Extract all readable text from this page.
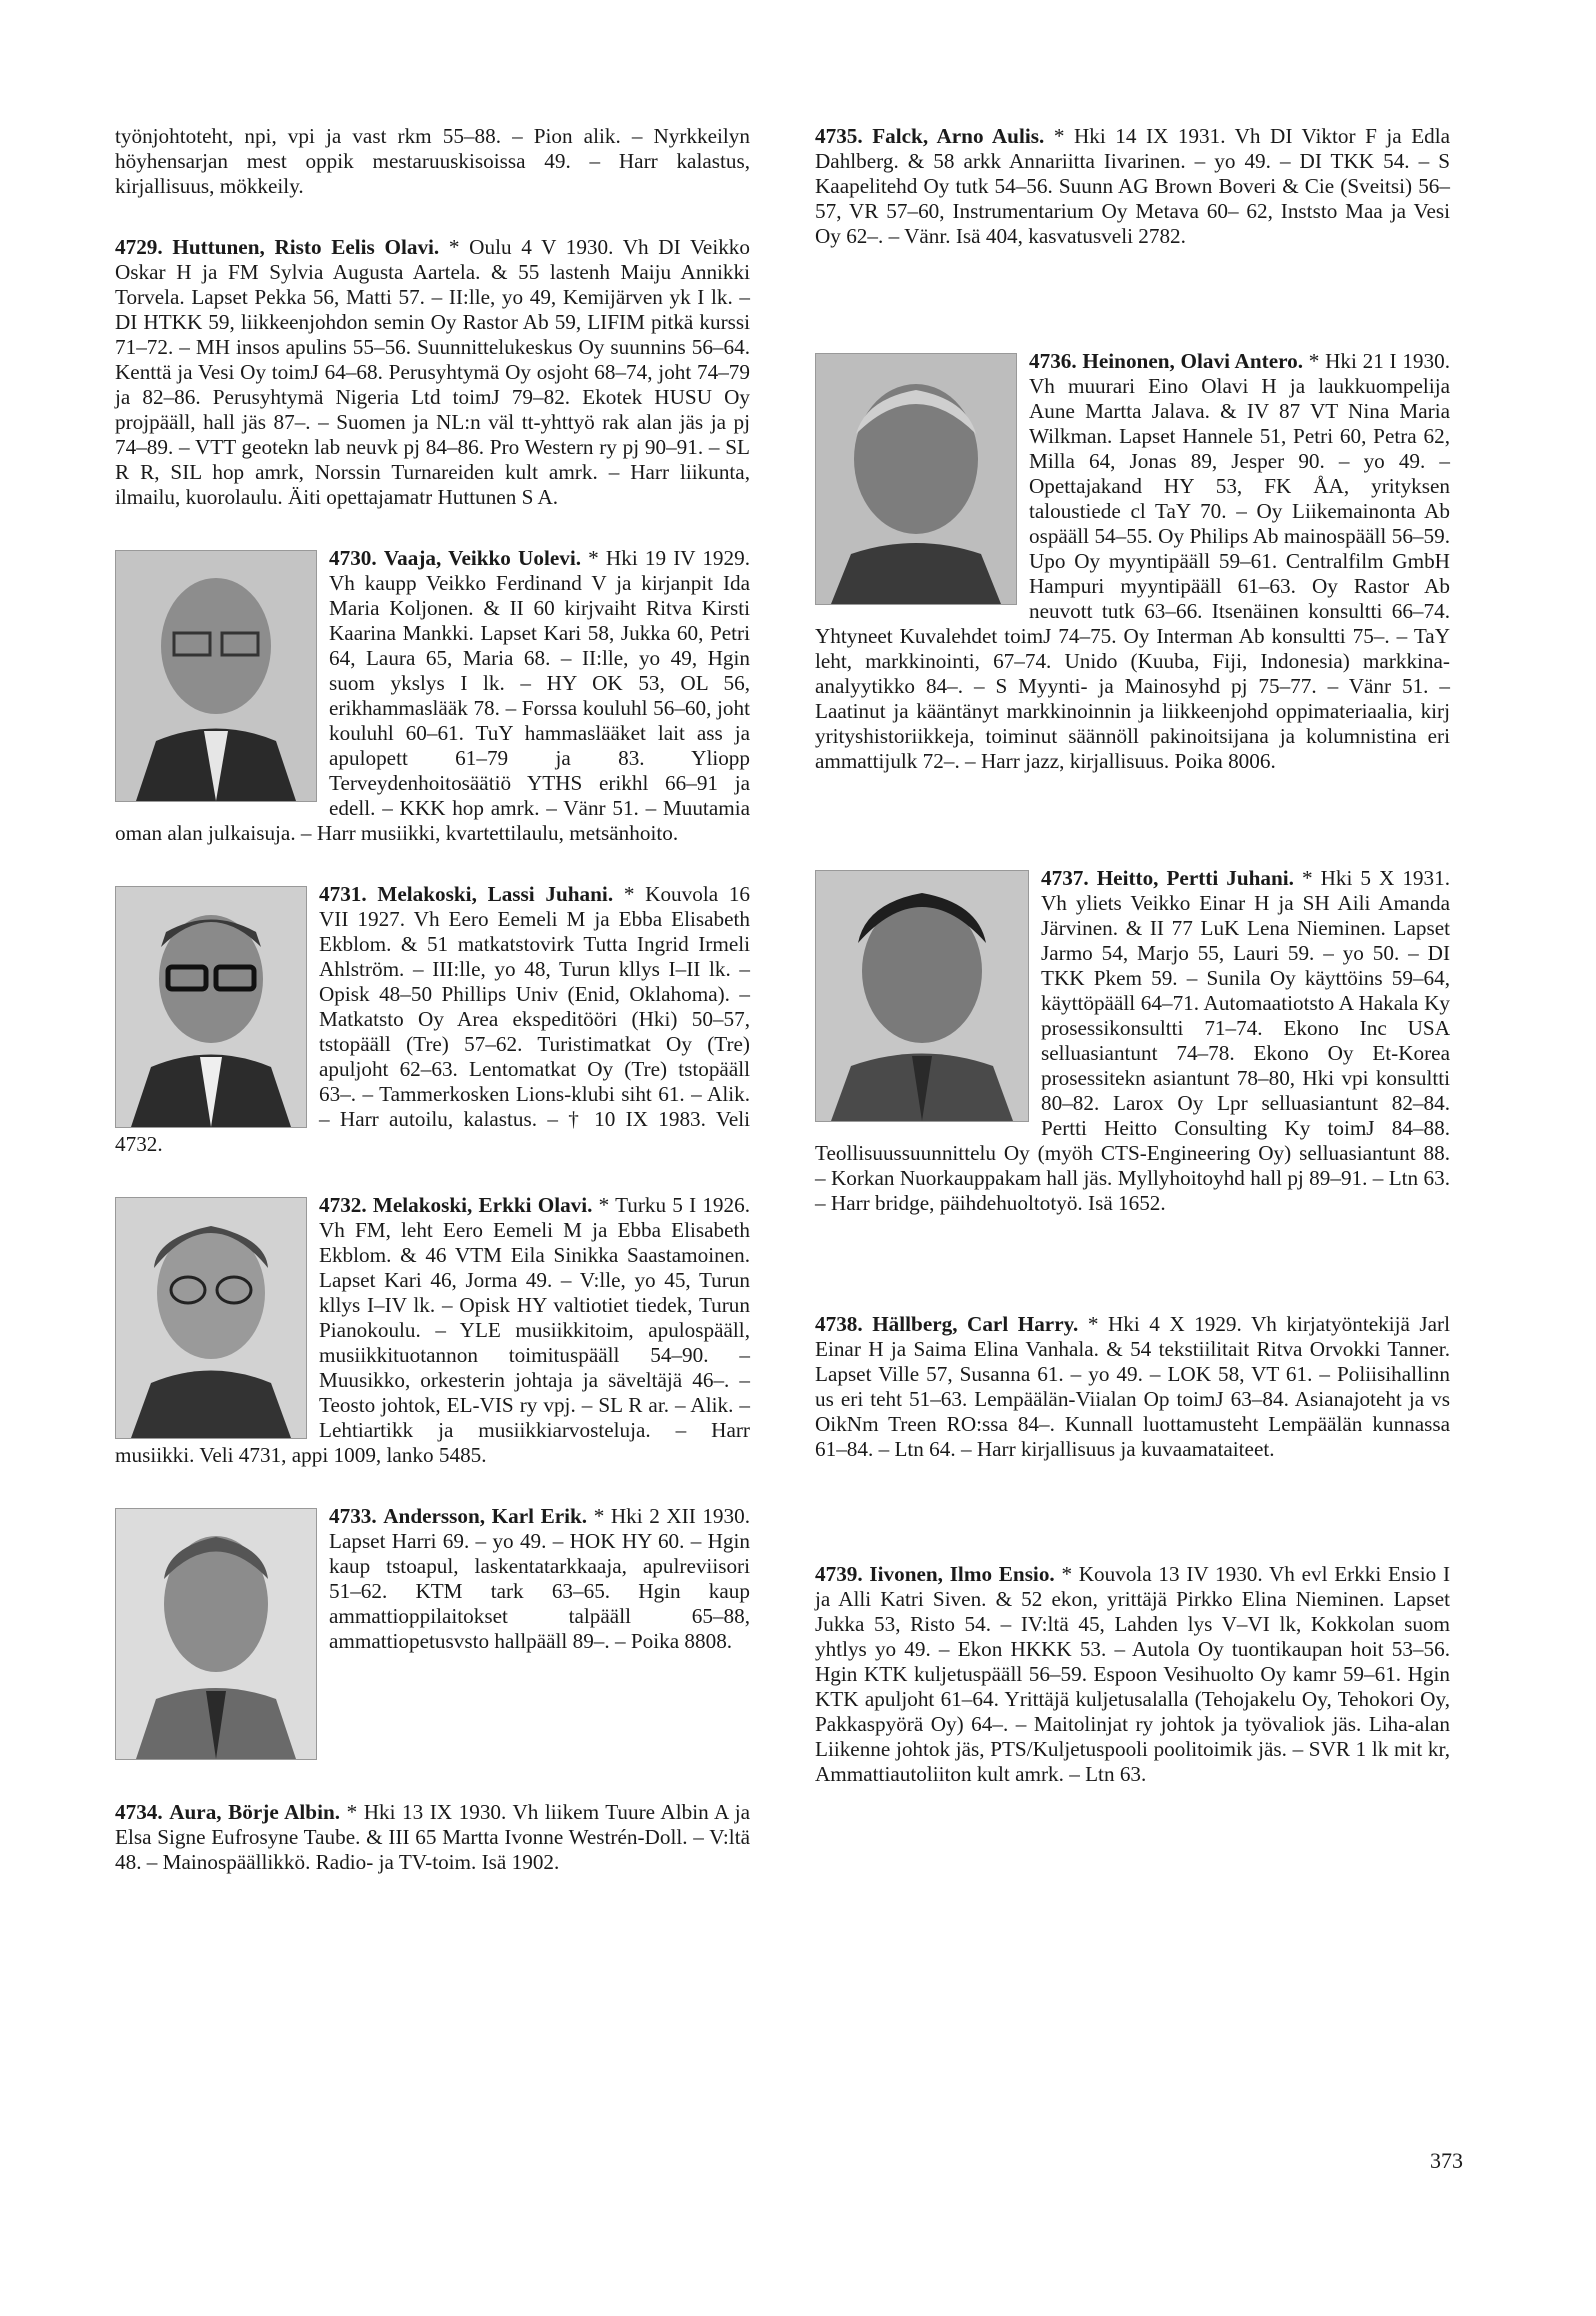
työnjohtoteht, npi, vpi ja vast rkm 55–88. – Pion alik. – Nyrkkeilyn höyhensarjan mest oppik mestaruuskisoissa 49. – Harr kalastus, kirjallisuus, mökkeily.

4729. Huttunen, Risto Eelis Olavi. * Oulu 4 V 1930. Vh DI Veikko Oskar H ja FM Sylvia Augusta Aartela. & 55 lastenh Maiju Annikki Torvela. Lapset Pekka 56, Matti 57. – II:lle, yo 49, Kemijärven yk I lk. – DI HTKK 59, liikkeenjohdon semin Oy Rastor Ab 59, LIFIM pitkä kurssi 71–72. – MH insos apulins 55–56. Suunnittelukeskus Oy suunnins 56–64. Kenttä ja Vesi Oy toimJ 64–68. Perusyhtymä Oy osjoht 68–74, joht 74–79 ja 82–86. Perusyhtymä Nigeria Ltd toimJ 79–82. Ekotek HUSU Oy projpääll, hall jäs 87–. – Suomen ja NL:n väl tt-yhttyö rak alan jäs ja pj 74–89. – VTT geotekn lab neuvk pj 84–86. Pro Western ry pj 90–91. – SL R R, SIL hop amrk, Norssin Turnareiden kult amrk. – Harr liikunta, ilmailu, kuorolaulu. Äiti opettajamatr Huttunen S A.

4730. Vaaja, Veikko Uolevi. * Hki 19 IV 1929. Vh kaupp Veikko Ferdinand V ja kirjanpit Ida Maria Koljonen. & II 60 kirjvaiht Ritva Kirsti Kaarina Mankki. Lapset Kari 58, Jukka 60, Petri 64, Laura 65, Maria 68. – II:lle, yo 49, Hgin suom ykslys I lk. – HY OK 53, OL 56, erikhammaslääk 78. – Forssa kouluhl 56–60, joht kouluhl 60–61. TuY hammaslääket lait ass ja apulopett 61–79 ja 83. Yliopp Terveydenhoitosäätiö YTHS erikhl 66–91 ja edell. – KKK hop amrk. – Vänr 51. – Muutamia oman alan julkaisuja. – Harr musiikki, kvartettilaulu, metsänhoito.

4731. Melakoski, Lassi Juhani. * Kouvola 16 VII 1927. Vh Eero Eemeli M ja Ebba Elisabeth Ekblom. & 51 matkatstovirk Tutta Ingrid Irmeli Ahlström. – III:lle, yo 48, Turun kllys I–II lk. – Opisk 48–50 Phillips Univ (Enid, Oklahoma). – Matkatsto Oy Area ekspeditööri (Hki) 50–57, tstopääll (Tre) 57–62. Turistimatkat Oy (Tre) apuljoht 62–63. Lentomatkat Oy (Tre) tstopääll 63–. – Tammerkosken Lions-klubi siht 61. – Alik. – Harr autoilu, kalastus. – † 10 IX 1983. Veli 4732.

4732. Melakoski, Erkki Olavi. * Turku 5 I 1926. Vh FM, leht Eero Eemeli M ja Ebba Elisabeth Ekblom. & 46 VTM Eila Sinikka Saastamoinen. Lapset Kari 46, Jorma 49. – V:lle, yo 45, Turun kllys I–IV lk. – Opisk HY valtiotiet tiedek, Turun Pianokoulu. – YLE musiikkitoim, apulospääll, musiikkituotannon toimituspääll 54–90. – Muusikko, orkesterin johtaja ja säveltäjä 46–. – Teosto johtok, EL-VIS ry vpj. – SL R ar. – Alik. – Lehtiartikk ja musiikkiarvosteluja. – Harr musiikki. Veli 4731, appi 1009, lanko 5485.

4733. Andersson, Karl Erik. * Hki 2 XII 1930. Lapset Harri 69. – yo 49. – HOK HY 60. – Hgin kaup tstoapul, laskentatarkkaaja, apulreviisori 51–62. KTM tark 63–65. Hgin kaup ammattioppilaitokset talpääll 65–88, ammattiopetusvsto hallpääll 89–. – Poika 8808.

4734. Aura, Börje Albin. * Hki 13 IX 1930. Vh liikem Tuure Albin A ja Elsa Signe Eufrosyne Taube. & III 65 Martta Ivonne Westrén-Doll. – V:ltä 48. – Mainospäällikkö. Radio- ja TV-toim. Isä 1902.

4735. Falck, Arno Aulis. * Hki 14 IX 1931. Vh DI Viktor F ja Edla Dahlberg. & 58 arkk Annariitta Iivarinen. – yo 49. – DI TKK 54. – S Kaapelitehd Oy tutk 54–56. Suunn AG Brown Boveri & Cie (Sveitsi) 56–57, VR 57–60, Instrumentarium Oy Metava 60– 62, Inststo Maa ja Vesi Oy 62–. – Vänr. Isä 404, kasvatusveli 2782.

4736. Heinonen, Olavi Antero. * Hki 21 I 1930. Vh muurari Eino Olavi H ja laukkuompelija Aune Martta Jalava. & IV 87 VT Nina Maria Wilkman. Lapset Hannele 51, Petri 60, Petra 62, Milla 64, Jonas 89, Jesper 90. – yo 49. – Opettajakand HY 53, FK ÅA, yrityksen taloustiede cl TaY 70. – Oy Liikemainonta Ab ospääll 54–55. Oy Philips Ab mainospääll 56–59. Upo Oy myyntipääll 59–61. Centralfilm GmbH Hampuri myyntipääll 61–63. Oy Rastor Ab neuvott tutk 63–66. Itsenäinen konsultti 66–74. Yhtyneet Kuvalehdet toimJ 74–75. Oy Interman Ab konsultti 75–. – TaY leht, markkinointi, 67–74. Unido (Kuuba, Fiji, Indonesia) markkina-analyytikko 84–. – S Myynti- ja Mainosyhd pj 75–77. – Vänr 51. – Laatinut ja kääntänyt markkinoinnin ja liikkeenjohd oppimateriaalia, kirj yrityshistoriikkeja, toiminut säännöll pakinoitsijana ja kolumnistina eri ammattijulk 72–. – Harr jazz, kirjallisuus. Poika 8006.

4737. Heitto, Pertti Juhani. * Hki 5 X 1931. Vh yliets Veikko Einar H ja SH Aili Amanda Järvinen. & II 77 LuK Lena Nieminen. Lapset Jarmo 54, Marjo 55, Lauri 59. – yo 50. – DI TKK Pkem 59. – Sunila Oy käyttöins 59–64, käyttöpääll 64–71. Automaatiotsto A Hakala Ky prosessikonsultti 71–74. Ekono Inc USA selluasiantunt 74–78. Ekono Oy Et-Korea prosessitekn asiantunt 78–80, Hki vpi konsultti 80–82. Larox Oy Lpr selluasiantunt 82–84. Pertti Heitto Consulting Ky toimJ 84–88. Teollisuussuunnittelu Oy (myöh CTS-Engineering Oy) selluasiantunt 88. – Korkan Nuorkauppakam hall jäs. Myllyhoitoyhd hall pj 89–91. – Ltn 63. – Harr bridge, päihdehuoltotyö. Isä 1652.

4738. Hällberg, Carl Harry. * Hki 4 X 1929. Vh kirjatyöntekijä Jarl Einar H ja Saima Elina Vanhala. & 54 tekstiilitait Ritva Orvokki Tanner. Lapset Ville 57, Susanna 61. – yo 49. – LOK 58, VT 61. – Poliisihallinn us eri teht 51–63. Lempäälän-Viialan Op toimJ 63–84. Asianajoteht ja vs OikNm Treen RO:ssa 84–. Kunnall luottamusteht Lempäälän kunnassa 61–84. – Ltn 64. – Harr kirjallisuus ja kuvaamataiteet.

4739. Iivonen, Ilmo Ensio. * Kouvola 13 IV 1930. Vh evl Erkki Ensio I ja Alli Katri Siven. & 52 ekon, yrittäjä Pirkko Elina Nieminen. Lapset Jukka 53, Risto 54. – IV:ltä 45, Lahden lys V–VI lk, Kokkolan suom yhtlys yo 49. – Ekon HKKK 53. – Autola Oy tuontikaupan hoit 53–56. Hgin KTK kuljetuspääll 56–59. Espoon Vesihuolto Oy kamr 59–61. Hgin KTK apuljoht 61–64. Yrittäjä kuljetusalalla (Tehojakelu Oy, Tehokori Oy, Pakkaspyörä Oy) 64–. – Maitolinjat ry johtok ja työvaliok jäs. Liha-alan Liikenne johtok jäs, PTS/Kuljetuspooli poolitoimik jäs. – SVR 1 lk mit kr, Ammattiautoliiton kult amrk. – Ltn 63.

373
